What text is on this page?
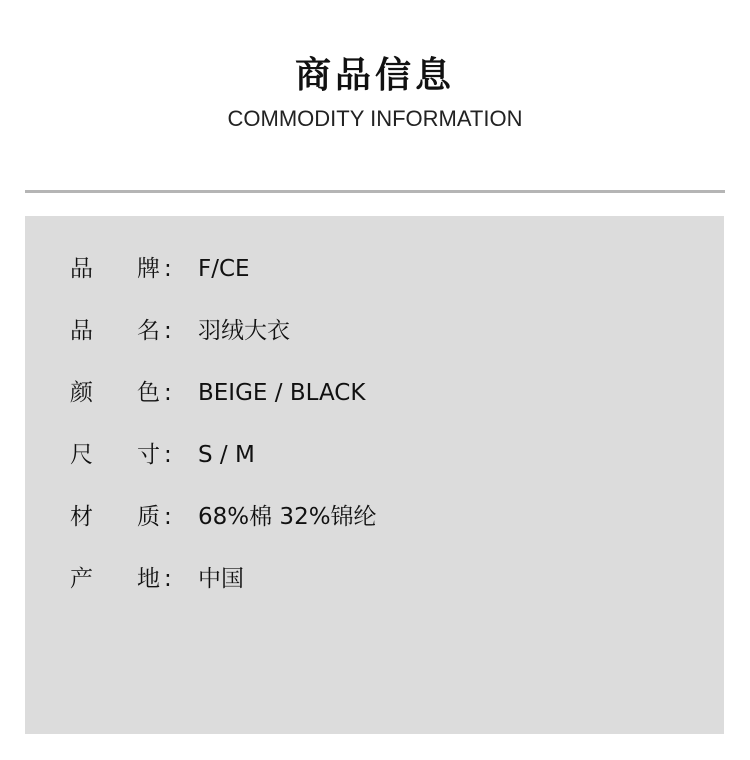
商品信息
COMMODITY INFORMATION
品 牌 : F/CE
品 名 : 羽绒大衣
颜 色 : BEIGE / BLACK
尺 寸 : S / M
材 质 : 68%棉 32%锦纶
产 地 : 中国
